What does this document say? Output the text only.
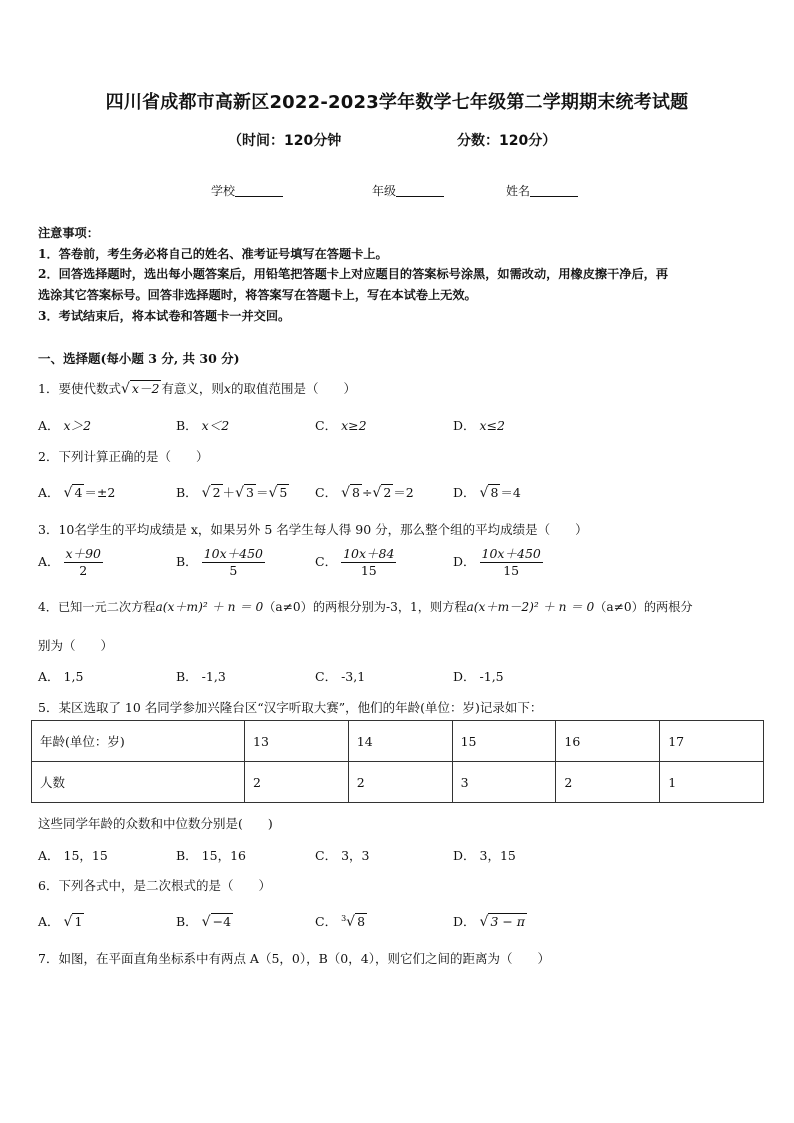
四川省成都市高新区2022-2023学年数学七年级第二学期期末统考试题
（时间：120分钟	分数：120分）
学校	年级	姓名
注意事项：
1．答卷前，考生务必将自己的姓名、准考证号填写在答题卡上。
2．回答选择题时，选出每小题答案后，用铅笔把答题卡上对应题目的答案标号涂黑，如需改动，用橡皮擦干净后，再
选涂其它答案标号。回答非选择题时，将答案写在答题卡上，写在本试卷上无效。
3．考试结束后，将本试卷和答题卡一并交回。
一、选择题(每小题 3 分, 共 30 分)
1．要使代数式√ x－2 有意义，则x的取值范围是（　　）
A． x＞2	B． x＜2	C． x≥2	D． x≤2
2．下列计算正确的是（　　）
A． √ 4 ＝±2	B． √ 2 ＋√ 3 ＝√ 5 C． √ 8 ÷√ 2 ＝2	D． √ 8 ＝4
3．10名学生的平均成绩是 x，如果另外 5 名学生每人得 90 分，那么整个组的平均成绩是（　　）
A． $\frac{x+90}{2}$	B． $\frac{10x+450}{5}$	C． $\frac{10x+84}{15}$	D． $\frac{10x+450}{15}$
4．已知一元二次方程a(x＋m)² ＋ n ＝ 0（a≠0）的两根分别为-3，1，则方程a(x＋m－2)² ＋ n ＝ 0（a≠0）的两根分
别为（　　）
A． 1,5	B． -1,3	C． -3,1	D． -1,5
5．某区选取了 10 名同学参加兴隆台区“汉字听取大赛”，他们的年龄(单位：岁)记录如下：
年龄(单位：岁)	13	14	15	16	17
人数	2	2	3	2	1
这些同学年龄的众数和中位数分别是(　　)
A． 15，15	B． 15，16	C． 3，3	D． 3，15
6．下列各式中，是二次根式的是（　　）
A． √ 1	B． √ −4	C． $^3$√ 8	D． √ 3 − π
7．如图，在平面直角坐标系中有两点 A（5，0），B（0，4），则它们之间的距离为（　　）
